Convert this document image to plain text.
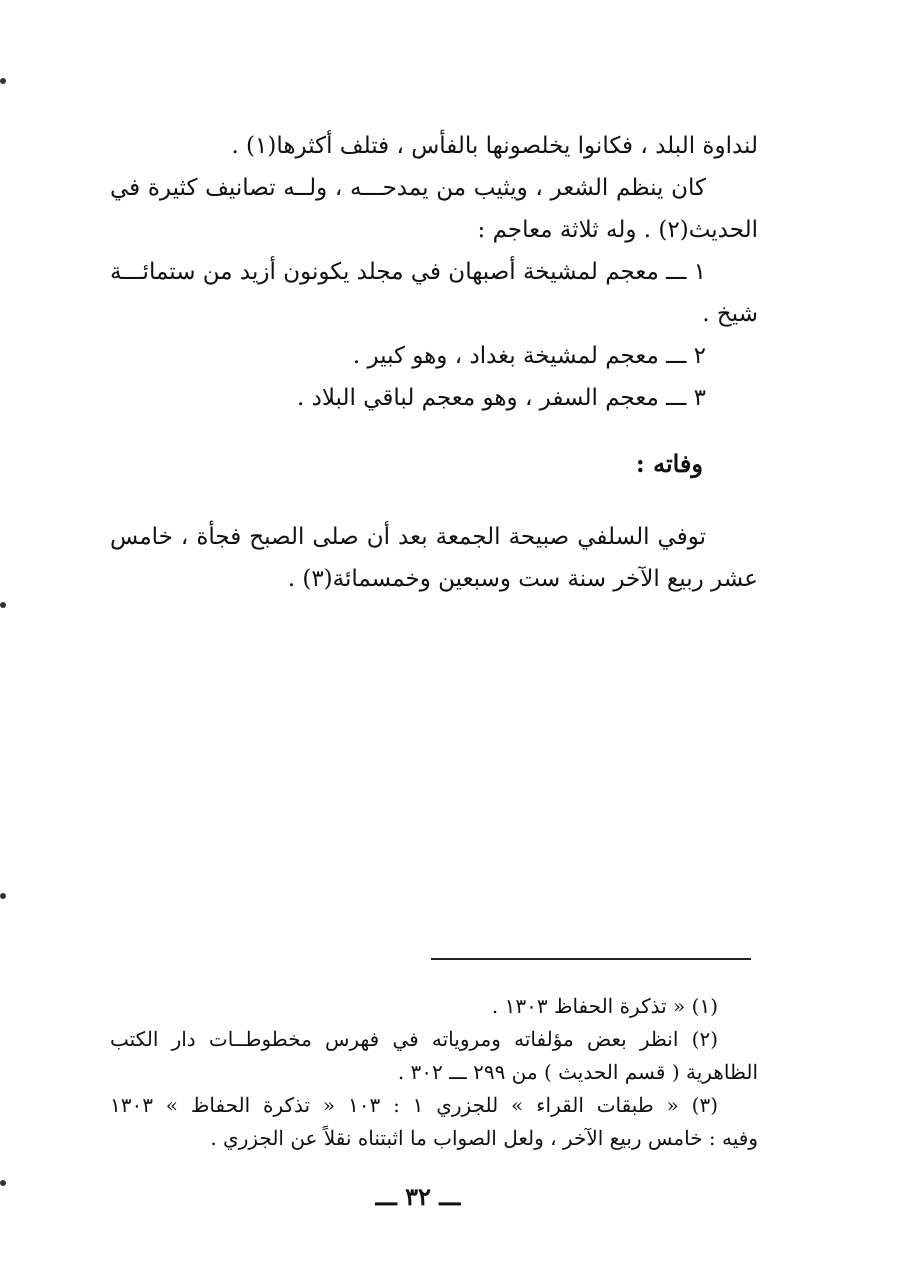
لنداوة البلد ، فكانوا يخلصونها بالفأس ، فتلف أكثرها(١) .
كان ينظم الشعر ، ويثيب من يمدحـــه ، ولــه تصانيف كثيرة في
الحديث(٢) . وله ثلاثة معاجم :
١ ـــ معجم لمشيخة أصبهان في مجلد يكونون أزيد من ستمائـــة
شيخ .
٢ ـــ معجم لمشيخة بغداد ، وهو كبير .
٣ ـــ معجم السفر ، وهو معجم لباقي البلاد .
وفاته :
توفي السلفي صبيحة الجمعة بعد أن صلى الصبح فجأة ، خامس
عشر ربيع الآخر سنة ست وسبعين وخمسمائة(٣) .
(١) « تذكرة الحفاظ ١٣٠٣ .
(٢) انظر بعض مؤلفاته ومروياته في فهرس مخطوطــات دار الكتب
الظاهرية ( قسم الحديث ) من ٢٩٩ ـــ ٣٠٢ .
(٣) « طبقات القراء » للجزري ١ : ١٠٣ « تذكرة الحفاظ » ١٣٠٣
وفيه : خامس ربيع الآخر ، ولعل الصواب ما اثبتناه نقلاً عن الجزري .
ـــ ٣٢ ـــ
